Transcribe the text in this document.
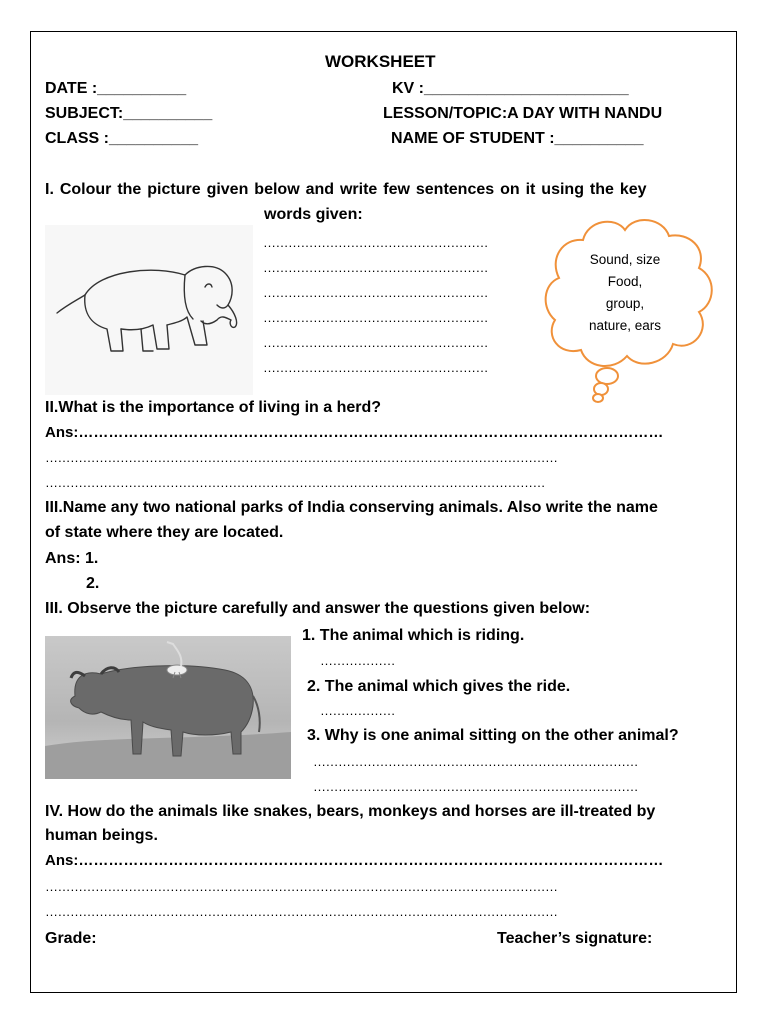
WORKSHEET
DATE :__________	KV :_______________________
SUBJECT:__________	LESSON/TOPIC:A DAY WITH NANDU
CLASS :__________	NAME OF STUDENT :__________
I. Colour the picture given below and write few sentences on it using the key
words given:
………………………………………………
………………………………………………
………………………………………………
………………………………………………
………………………………………………
………………………………………………
Sound, size
Food,
group,
nature, ears
II.What is the importance of living in a herd?
Ans:………………………………………………………………………………………………………
……………………………………………………………………………………………………………
…………………………………………………………………………………………………………
III.Name any two national parks of India conserving animals. Also write the name
of state where they are located.
Ans: 1.
2.
III. Observe the picture carefully and answer the questions given below:
1. The animal which is riding.
………………
2. The animal which gives the ride.
………………
3. Why is one animal sitting on the other animal?
……………………………………………………………………
……………………………………………………………………
IV. How do the animals like snakes, bears, monkeys and horses are ill-treated by
human beings.
Ans:………………………………………………………………………………………………………
……………………………………………………………………………………………………………
……………………………………………………………………………………………………………
Grade:	Teacher’s signature:
